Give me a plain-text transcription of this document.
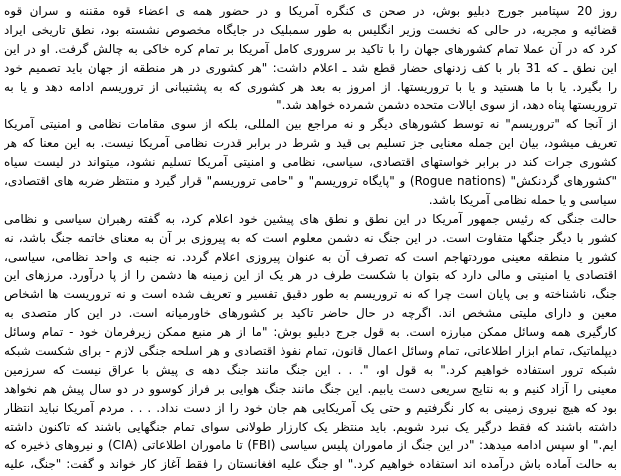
روز 20 سپتامبر جورج دبلیو بوش، در صحن ی کنگره آمریکا و در حضور همه ی اعضاء قوه مقننه و سران قوه
قضائیه و مجریه، در حالی که نخست وزیر انگلیس به طور سمبلیک در جایگاه مخصوص نشسته بود، نطق تاریخی ایراد
کرد که در آن عملا تمام کشورهای جهان را با تاکید بر سروری کامل آمریکا بر تمام کره خاکی به چالش گرفت. او در این
این نطق ـ که 31 بار با کف زدنهای حضار قطع شد ـ اعلام داشت: "هر کشوری در هر منطقه از جهان باید تصمیم خود
را بگیرد. یا با ما هستید و یا با تروریستها. از امروز به بعد هر کشوری که به پشتیبانی از تروریسم ادامه دهد و یا به
تروریستها پناه دهد، از سوی ایالات متحده دشمن شمرده خواهد شد."
از آنجا که "تروریسم" نه توسط کشورهای دیگر و نه مراجع بین المللی، بلکه از سوی مقامات نظامی و امنیتی آمریکا
تعریف میشود، بیان این جمله معنایی جز تسلیم بی قید و شرط در برابر قدرت نظامی آمریکا نیست. به این معنا که هر
کشوری جرات کند در برابر خواستهای اقتصادی، سیاسی، نظامی و امنیتی آمریکا تسلیم نشود، میتواند در لیست سیاه
"کشورهای گردنکش" (Rogue nations) و "پایگاه تروریسم" و "حامی تروریسم" قرار گیرد و منتظر ضربه های اقتصادی،
سیاسی و یا حمله نظامی آمریکا باشد.
حالت جنگی که رئیس جمهور آمریکا در این نطق و نطق های پیشین خود اعلام کرد، به گفته رهبران سیاسی و نظامی
کشور با دیگر جنگها متفاوت است. در این جنگ نه دشمن معلوم است که به پیروزی بر آن به معنای خاتمه جنگ باشد، نه
کشور یا منطقه معینی موردتهاجم است که تصرف آن به عنوان پیروزی اعلام گردد. نه جنبه ی واحد نظامی، سیاسی،
اقتصادی یا امنیتی و مالی دارد که بتوان با شکست طرف در هر یک از این زمینه ها دشمن را از پا درآورد. مرزهای این
جنگ، ناشناخته و بی پایان است چرا که نه تروریسم به طور دقیق تفسیر و تعریف شده است و نه تروریست ها اشخاص
معین و دارای ملیتی مشخص اند. اگرچه در حال حاضر تاکید بر کشورهای خاورمیانه است. در این کار متصدی به
کارگیری همه وسائل ممکن مبارزه است. به قول جرج دبلیو بوش: "ما از هر منبع ممکن زیرفرمان خود - تمام وسائل
دیپلماتیک، تمام ابزار اطلاعاتی، تمام وسائل اعمال قانون، تمام نفوذ اقتصادی و هر اسلحه جنگی لازم - برای شکست شبکه
شبکه ترور استفاده خواهیم کرد." به قول او، ". . . این جنگ مانند جنگ دهه ی پیش با عراق نیست که سرزمین
معینی را آزاد کنیم و به نتایج سریعی دست یابیم. این جنگ مانند جنگ هوایی بر فراز کوسوو در دو سال پیش هم نخواهد
بود که هیچ نیروی زمینی به کار نگرفتیم و حتی یک آمریکایی هم جان خود را از دست نداد. . . . مردم آمریکا نباید انتظار
داشته باشند که فقط درگیر یک نبرد شویم. باید منتظر یک کارزار طولانی سوای تمام جنگهایی باشند که تاکنون داشته
ایم." او سپس ادامه میدهد: "در این جنگ از ماموران پلیس سیاسی (FBI) تا ماموران اطلاعاتی (CIA) و نیروهای ذخیره که
به حالت آماده باش درآمده اند استفاده خواهیم کرد." او جنگ علیه افغانستان را فقط آغاز کار خواند و گفت: "جنگ، علیه
